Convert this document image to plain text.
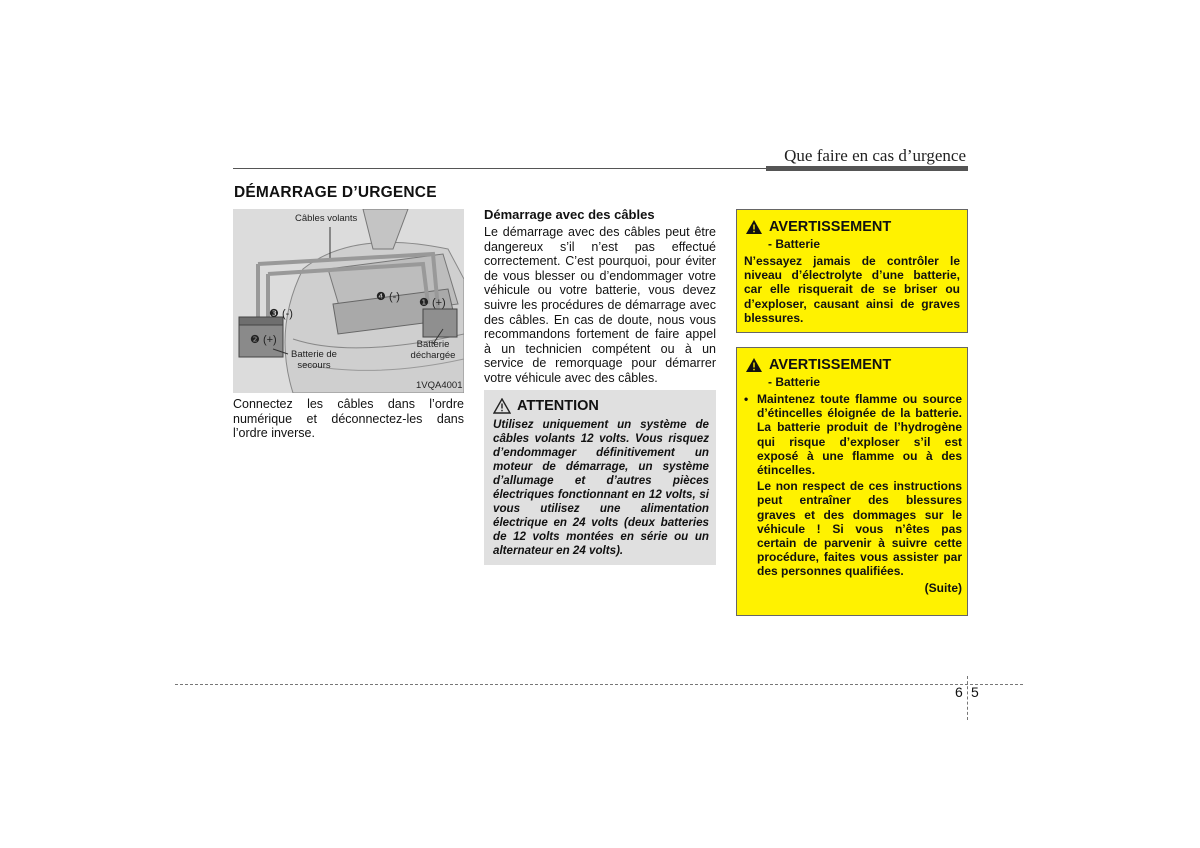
Que faire en cas d’urgence
DÉMARRAGE D’URGENCE
Câbles volants
Batterie de
secours
Batterie
déchargée
1VQA4001
❶ (+)
❷ (+)
❸ (-)
❹ (-)
Connectez les câbles dans l’ordre numérique et déconnectez-les dans l’ordre inverse.
Démarrage avec des câbles
Le démarrage avec des câbles peut être dangereux s’il n’est pas effectué correctement. C’est pourquoi, pour éviter de vous blesser ou d’endommager votre véhicule ou votre batterie, vous devez suivre les procédures de démarrage avec des câbles. En cas de doute, nous vous recommandons fortement de faire appel à un technicien compétent ou à un service de remorquage pour démarrer votre véhicule avec des câbles.
ATTENTION
Utilisez uniquement un système de câbles volants 12 volts. Vous risquez d’endommager définitivement un moteur de démarrage, un système d’allumage et d’autres pièces électriques fonctionnant en 12 volts, si vous utilisez une alimentation électrique en 24 volts (deux batteries de 12 volts montées en série ou un alternateur en 24 volts).
AVERTISSEMENT
- Batterie
N’essayez jamais de contrôler le niveau d’électrolyte d’une batterie, car elle risquerait de se briser ou d’exploser, causant ainsi de graves blessures.
AVERTISSEMENT
- Batterie
• Maintenez toute flamme ou source d’étincelles éloignée de la batterie. La batterie produit de l’hydrogène qui risque d’exploser s’il est exposé à une flamme ou à des étincelles.
Le non respect de ces instructions peut entraîner des blessures graves et des dommages sur le véhicule ! Si vous n’êtes pas certain de parvenir à suivre cette procédure, faites vous assister par des personnes qualifiées.
(Suite)
6 5
